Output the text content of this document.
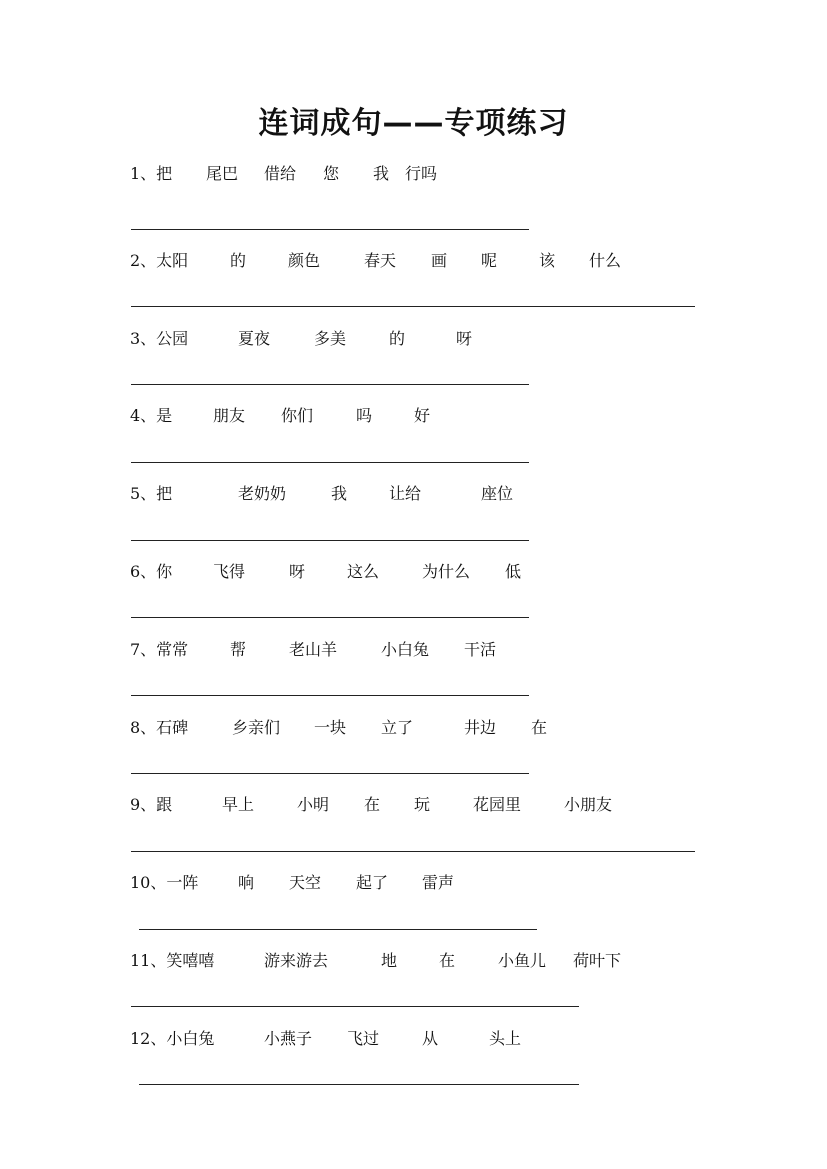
连词成句——专项练习
1、把 尾巴 借给 您 我 行吗
2、太阳	的	颜色	春天 画 呢	该 什么
3、公园	夏夜	多美	的	呀
4、是	朋友 你们	吗	好
5、把	老奶奶	我	让给	座位
6、你	飞得	呀	这么	为什么 低
7、常常	帮	老山羊	小白兔 干活
8、石碑	乡亲们 一块 立了	井边 在
9、跟	早上	小明 在 玩	花园里	小朋友
10、一阵 响 天空 起了 雷声
11、笑嘻嘻	游来游去	地	在	小鱼儿 荷叶下
12、小白兔	小燕子 飞过	从	头上
